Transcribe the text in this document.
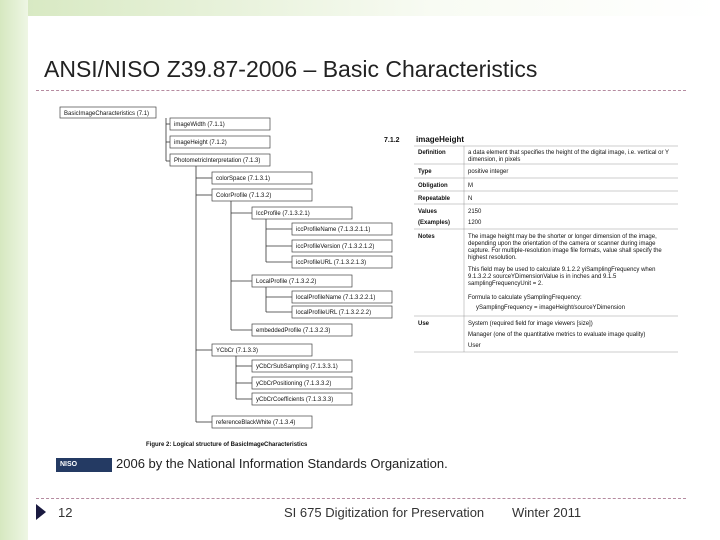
ANSI/NISO Z39.87-2006 – Basic Characteristics
BasicImageCharacteristics (7.1)
imageWidth (7.1.1)
imageHeight (7.1.2)
PhotometricInterpretation (7.1.3)
colorSpace (7.1.3.1)
ColorProfile (7.1.3.2)
IccProfile (7.1.3.2.1)
iccProfileName (7.1.3.2.1.1)
iccProfileVersion (7.1.3.2.1.2)
iccProfileURL (7.1.3.2.1.3)
LocalProfile (7.1.3.2.2)
localProfileName (7.1.3.2.2.1)
localProfileURL (7.1.3.2.2.2)
embeddedProfile (7.1.3.2.3)
YCbCr (7.1.3.3)
yCbCrSubSampling (7.1.3.3.1)
yCbCrPositioning (7.1.3.3.2)
yCbCrCoefficients (7.1.3.3.3)
referenceBlackWhite (7.1.3.4)
Figure 2: Logical structure of BasicImageCharacteristics
7.1.2 imageHeight
Definition
Type
Obligation
Repeatable
Values
(Examples)
Notes
Use
a data element that specifies the height of the digital image, i.e. vertical or Y
dimension, in pixels
positive integer
M
N
2150
1200
The image height may be the shorter or longer dimension of the image,
depending upon the orientation of the camera or scanner during image
capture. For multiple-resolution image file formats, value shall specify the
highest resolution.
This field may be used to calculate 9.1.2.2 yiSamplingFrequency when
9.1.3.2.2 sourceYDimensionValue is in inches and 9.1.5
samplingFrequencyUnit = 2.
Formula to calculate ySamplingFrequency:
ySamplingFrequency = imageHeight/sourceYDimension
System (required field for image viewers [size])
Manager (one of the quantitative metrics to evaluate image quality)
User
NISO	2006 by the National Information Standards Organization.
12	SI 675 Digitization for Preservation Winter 2011
